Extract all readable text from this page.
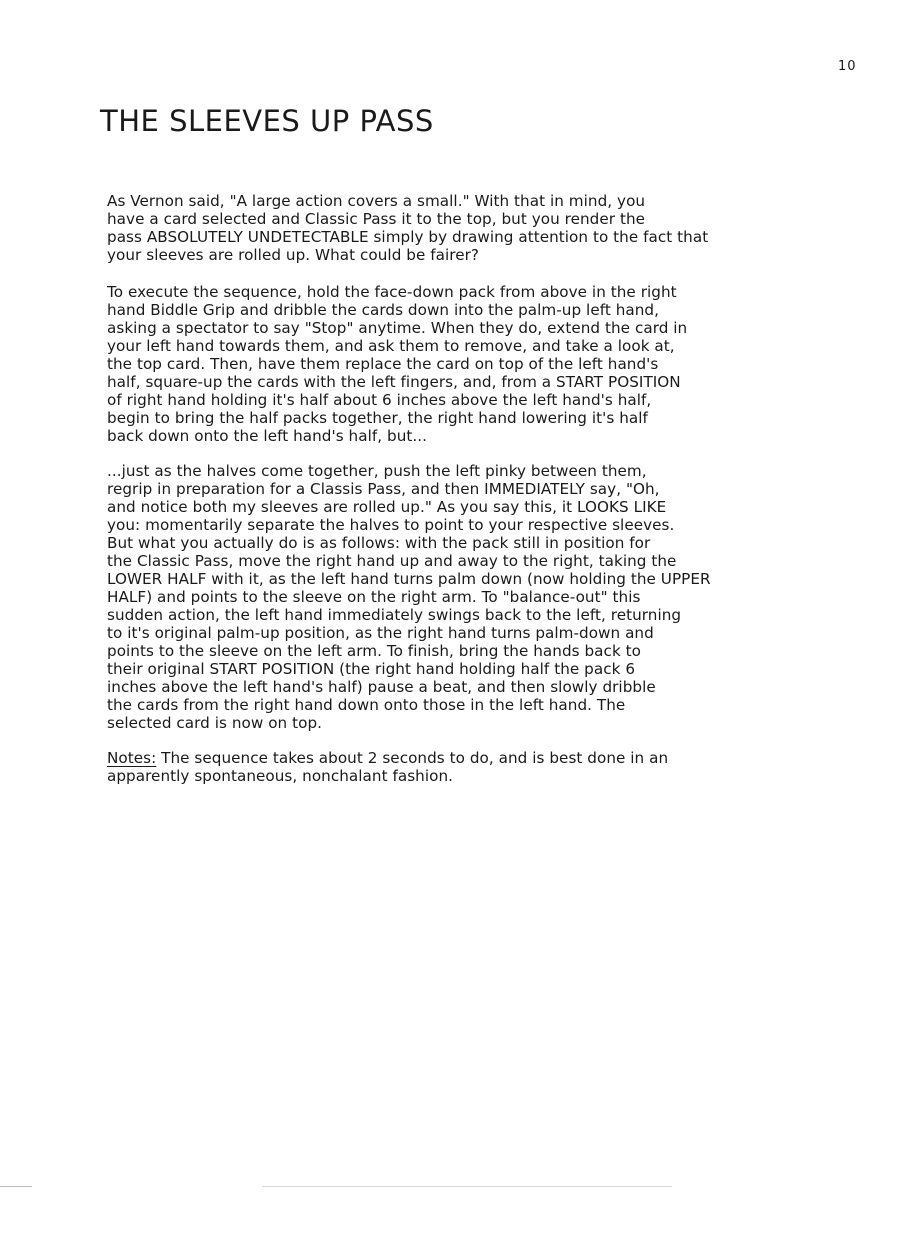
10
THE SLEEVES UP PASS
As Vernon said, "A large action covers a small." With that in mind, you
have a card selected and Classic Pass it to the top, but you render the
pass ABSOLUTELY UNDETECTABLE simply by drawing attention to the fact that
your sleeves are rolled up. What could be fairer?
To execute the sequence, hold the face-down pack from above in the right
hand Biddle Grip and dribble the cards down into the palm-up left hand,
asking a spectator to say "Stop" anytime. When they do, extend the card in
your left hand towards them, and ask them to remove, and take a look at,
the top card. Then, have them replace the card on top of the left hand's
half, square-up the cards with the left fingers, and, from a START POSITION
of right hand holding it's half about 6 inches above the left hand's half,
begin to bring the half packs together, the right hand lowering it's half
back down onto the left hand's half, but...
...just as the halves come together, push the left pinky between them,
regrip in preparation for a Classis Pass, and then IMMEDIATELY say, "Oh,
and notice both my sleeves are rolled up." As you say this, it LOOKS LIKE
you: momentarily separate the halves to point to your respective sleeves.
But what you actually do is as follows: with the pack still in position for
the Classic Pass, move the right hand up and away to the right, taking the
LOWER HALF with it, as the left hand turns palm down (now holding the UPPER
HALF) and points to the sleeve on the right arm. To "balance-out" this
sudden action, the left hand immediately swings back to the left, returning
to it's original palm-up position, as the right hand turns palm-down and
points to the sleeve on the left arm. To finish, bring the hands back to
their original START POSITION (the right hand holding half the pack 6
inches above the left hand's half) pause a beat, and then slowly dribble
the cards from the right hand down onto those in the left hand. The
selected card is now on top.
Notes: The sequence takes about 2 seconds to do, and is best done in an
apparently spontaneous, nonchalant fashion.
